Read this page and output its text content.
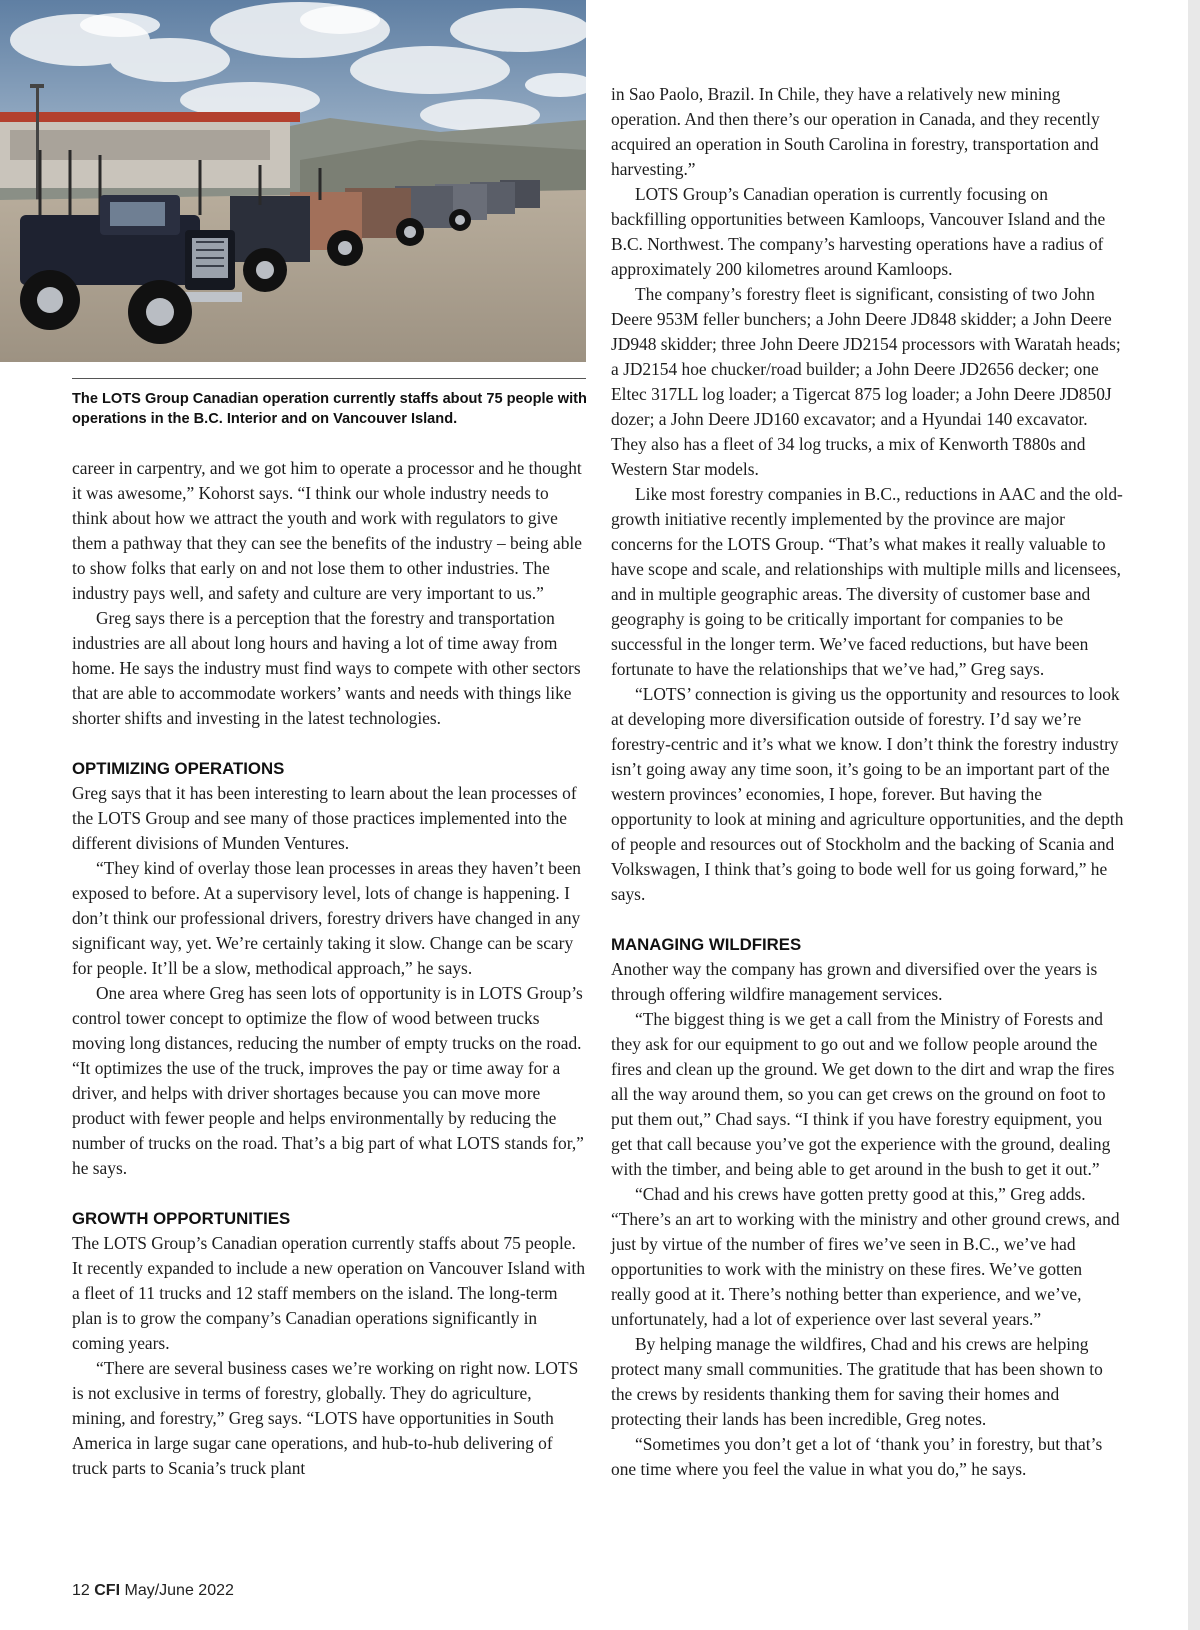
The LOTS Group Canadian operation currently staffs about 75 people with operations in the B.C. Interior and on Vancouver Island.

career in carpentry, and we got him to operate a processor and he thought it was awesome,” Kohorst says. “I think our whole industry needs to think about how we attract the youth and work with regulators to give them a pathway that they can see the benefits of the industry – being able to show folks that early on and not lose them to other industries. The industry pays well, and safety and culture are very important to us.”

Greg says there is a perception that the forestry and transportation industries are all about long hours and having a lot of time away from home. He says the industry must find ways to compete with other sectors that are able to accommodate workers’ wants and needs with things like shorter shifts and investing in the latest technologies.

OPTIMIZING OPERATIONS

Greg says that it has been interesting to learn about the lean processes of the LOTS Group and see many of those practices implemented into the different divisions of Munden Ventures.

“They kind of overlay those lean processes in areas they haven’t been exposed to before. At a supervisory level, lots of change is happening. I don’t think our professional drivers, forestry drivers have changed in any significant way, yet. We’re certainly taking it slow. Change can be scary for people. It’ll be a slow, methodical approach,” he says.

One area where Greg has seen lots of opportunity is in LOTS Group’s control tower concept to optimize the flow of wood between trucks moving long distances, reducing the number of empty trucks on the road. “It optimizes the use of the truck, improves the pay or time away for a driver, and helps with driver shortages because you can move more product with fewer people and helps environmentally by reducing the number of trucks on the road. That’s a big part of what LOTS stands for,” he says.

GROWTH OPPORTUNITIES

The LOTS Group’s Canadian operation currently staffs about 75 people. It recently expanded to include a new operation on Vancouver Island with a fleet of 11 trucks and 12 staff members on the island. The long-term plan is to grow the company’s Canadian operations significantly in coming years.

“There are several business cases we’re working on right now. LOTS is not exclusive in terms of forestry, globally. They do agriculture, mining, and forestry,” Greg says. “LOTS have opportunities in South America in large sugar cane operations, and hub-to-hub delivering of truck parts to Scania’s truck plant

in Sao Paolo, Brazil. In Chile, they have a relatively new mining operation. And then there’s our operation in Canada, and they recently acquired an operation in South Carolina in forestry, transportation and harvesting.”

LOTS Group’s Canadian operation is currently focusing on backfilling opportunities between Kamloops, Vancouver Island and the B.C. Northwest. The company’s harvesting operations have a radius of approximately 200 kilometres around Kamloops.

The company’s forestry fleet is significant, consisting of two John Deere 953M feller bunchers; a John Deere JD848 skidder; a John Deere JD948 skidder; three John Deere JD2154 processors with Waratah heads; a JD2154 hoe chucker/road builder; a John Deere JD2656 decker; one Eltec 317LL log loader; a Tigercat 875 log loader; a John Deere JD850J dozer; a John Deere JD160 excavator; and a Hyundai 140 excavator. They also has a fleet of 34 log trucks, a mix of Kenworth T880s and Western Star models.

Like most forestry companies in B.C., reductions in AAC and the old-growth initiative recently implemented by the province are major concerns for the LOTS Group. “That’s what makes it really valuable to have scope and scale, and relationships with multiple mills and licensees, and in multiple geographic areas. The diversity of customer base and geography is going to be critically important for companies to be successful in the longer term. We’ve faced reductions, but have been fortunate to have the relationships that we’ve had,” Greg says.

“LOTS’ connection is giving us the opportunity and resources to look at developing more diversification outside of forestry. I’d say we’re forestry-centric and it’s what we know. I don’t think the forestry industry isn’t going away any time soon, it’s going to be an important part of the western provinces’ economies, I hope, forever. But having the opportunity to look at mining and agriculture opportunities, and the depth of people and resources out of Stockholm and the backing of Scania and Volkswagen, I think that’s going to bode well for us going forward,” he says.

MANAGING WILDFIRES

Another way the company has grown and diversified over the years is through offering wildfire management services.

“The biggest thing is we get a call from the Ministry of Forests and they ask for our equipment to go out and we follow people around the fires and clean up the ground. We get down to the dirt and wrap the fires all the way around them, so you can get crews on the ground on foot to put them out,” Chad says. “I think if you have forestry equipment, you get that call because you’ve got the experience with the ground, dealing with the timber, and being able to get around in the bush to get it out.”

“Chad and his crews have gotten pretty good at this,” Greg adds. “There’s an art to working with the ministry and other ground crews, and just by virtue of the number of fires we’ve seen in B.C., we’ve had opportunities to work with the ministry on these fires. We’ve gotten really good at it. There’s nothing better than experience, and we’ve, unfortunately, had a lot of experience over last several years.”

By helping manage the wildfires, Chad and his crews are helping protect many small communities. The gratitude that has been shown to the crews by residents thanking them for saving their homes and protecting their lands has been incredible, Greg notes.

“Sometimes you don’t get a lot of ‘thank you’ in forestry, but that’s one time where you feel the value in what you do,” he says.

12 CFI May/June 2022
